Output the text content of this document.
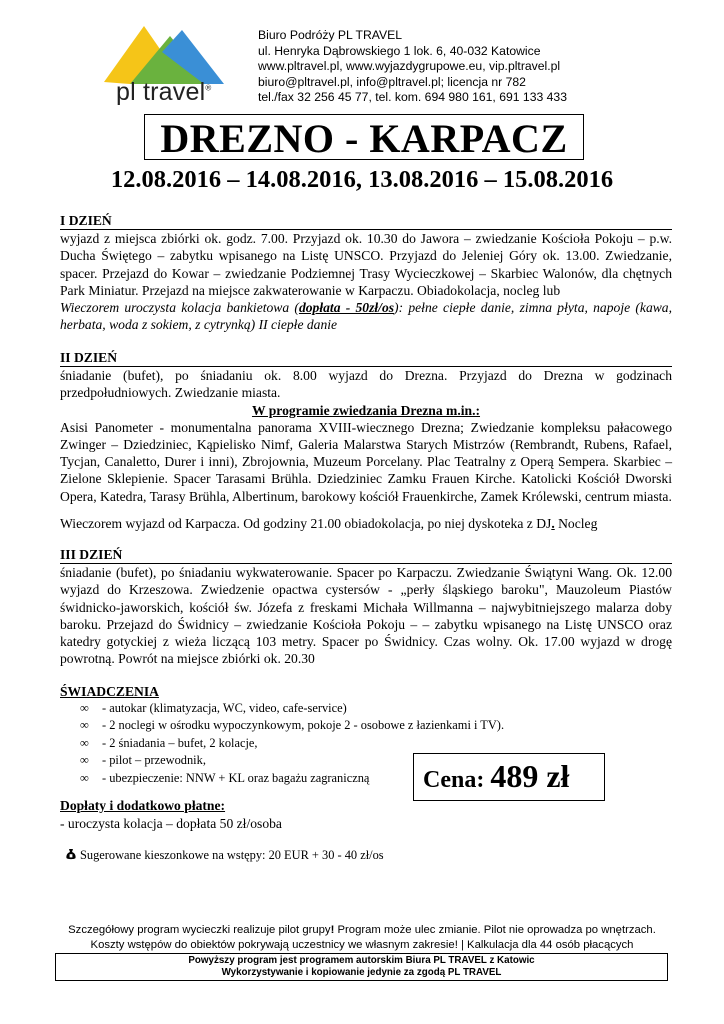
pl travel®
Biuro Podróży PL TRAVEL
ul. Henryka Dąbrowskiego 1 lok. 6, 40-032 Katowice
www.pltravel.pl, www.wyjazdygrupowe.eu, vip.pltravel.pl
biuro@pltravel.pl, info@pltravel.pl; licencja nr 782
tel./fax 32 256 45 77, tel. kom. 694 980 161, 691 133 433
DREZNO - KARPACZ
12.08.2016 – 14.08.2016, 13.08.2016 – 15.08.2016
I DZIEŃ
wyjazd z miejsca zbiórki ok. godz. 7.00. Przyjazd ok. 10.30 do Jawora – zwiedzanie Kościoła Pokoju – p.w. Ducha Świętego – zabytku wpisanego na Listę UNSCO. Przyjazd do Jeleniej Góry ok. 13.00. Zwiedzanie, spacer. Przejazd do Kowar – zwiedzanie Podziemnej Trasy Wycieczkowej – Skarbiec Walonów, dla chętnych Park Miniatur. Przejazd na miejsce zakwaterowanie w Karpaczu. Obiadokolacja, nocleg lub
Wieczorem uroczysta kolacja bankietowa (dopłata - 50zł/os): pełne ciepłe danie, zimna płyta, napoje (kawa, herbata, woda z sokiem, z cytrynką) II ciepłe danie
II DZIEŃ
śniadanie (bufet), po śniadaniu ok. 8.00 wyjazd do Drezna. Przyjazd do Drezna w godzinach przedpołudniowych. Zwiedzanie miasta.
W programie zwiedzania Drezna m.in.:
Asisi Panometer - monumentalna panorama XVIII-wiecznego Drezna; Zwiedzanie kompleksu pałacowego Zwinger – Dziedziniec, Kąpielisko Nimf, Galeria Malarstwa Starych Mistrzów (Rembrandt, Rubens, Rafael, Tycjan, Canaletto, Durer i inni), Zbrojownia, Muzeum Porcelany. Plac Teatralny z Operą Sempera. Skarbiec – Zielone Sklepienie. Spacer Tarasami Brühla. Dziedziniec Zamku Frauen Kirche. Katolicki Kościół Dworski Opera, Katedra, Tarasy Brühla, Albertinum, barokowy kościół Frauenkirche, Zamek Królewski, centrum miasta.
Wieczorem wyjazd od Karpacza. Od godziny 21.00 obiadokolacja, po niej dyskoteka z DJ. Nocleg
III DZIEŃ
śniadanie (bufet), po śniadaniu wykwaterowanie. Spacer po Karpaczu. Zwiedzanie Świątyni Wang. Ok. 12.00 wyjazd do Krzeszowa. Zwiedzenie opactwa cystersów - „perły śląskiego baroku", Mauzoleum Piastów świdnicko-jaworskich, kościół św. Józefa z freskami Michała Willmanna – najwybitniejszego malarza doby baroku. Przejazd do Świdnicy – zwiedzanie Kościoła Pokoju – – zabytku wpisanego na Listę UNSCO oraz katedry gotyckiej z wieża liczącą 103 metry. Spacer po Świdnicy. Czas wolny. Ok. 17.00 wyjazd w drogę powrotną. Powrót na miejsce zbiórki ok. 20.30
ŚWIADCZENIA
∞ - autokar (klimatyzacja, WC, video, cafe-service)
∞ - 2 noclegi w ośrodku wypoczynkowym, pokoje 2 - osobowe z łazienkami i TV).
∞ - 2 śniadania – bufet, 2 kolacje,
∞ - pilot – przewodnik,
∞ - ubezpieczenie: NNW + KL oraz bagażu zagraniczną	Cena: 489 zł
Dopłaty i dodatkowo płatne:
- uroczysta kolacja – dopłata 50 zł/osoba
Sugerowane kieszonkowe na wstępy: 20 EUR + 30 - 40 zł/os
Szczegółowy program wycieczki realizuje pilot grupy! Program może ulec zmianie. Pilot nie oprowadza po wnętrzach.
Koszty wstępów do obiektów pokrywają uczestnicy we własnym zakresie! | Kalkulacja dla 44 osób płacących
Powyższy program jest programem autorskim Biura PL TRAVEL z Katowic
Wykorzystywanie i kopiowanie jedynie za zgodą PL TRAVEL
